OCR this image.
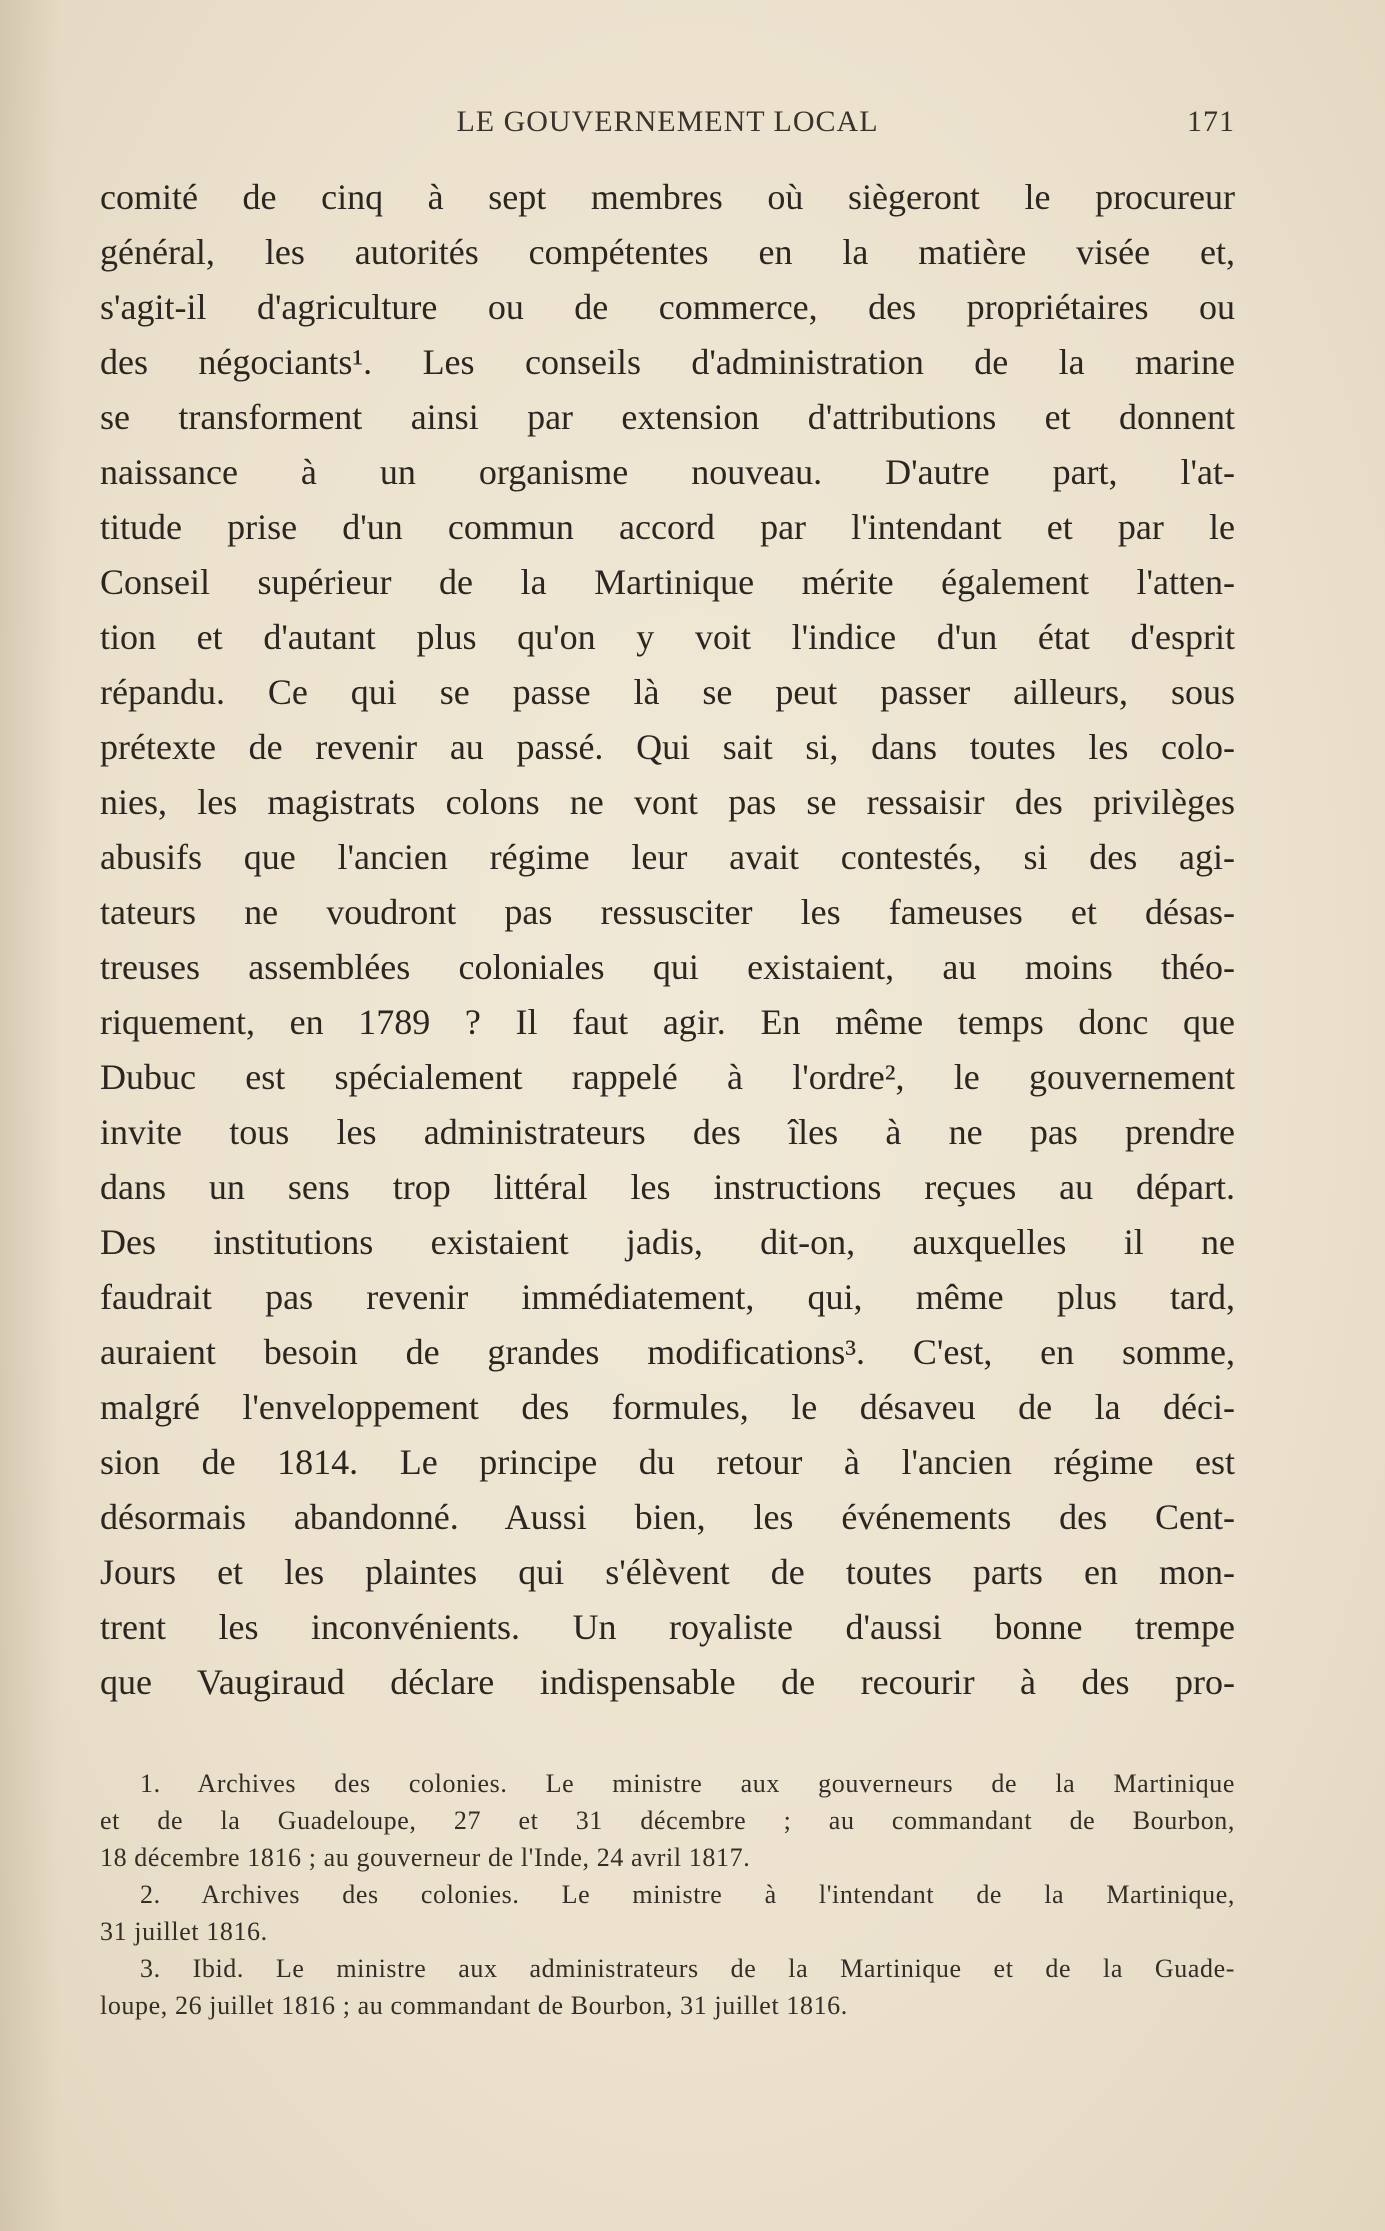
LE GOUVERNEMENT LOCAL	171
comité de cinq à sept membres où siègeront le procureur
général, les autorités compétentes en la matière visée et,
s'agit-il d'agriculture ou de commerce, des propriétaires ou
des négociants¹. Les conseils d'administration de la marine
se transforment ainsi par extension d'attributions et donnent
naissance à un organisme nouveau. D'autre part, l'at-
titude prise d'un commun accord par l'intendant et par le
Conseil supérieur de la Martinique mérite également l'atten-
tion et d'autant plus qu'on y voit l'indice d'un état d'esprit
répandu. Ce qui se passe là se peut passer ailleurs, sous
prétexte de revenir au passé. Qui sait si, dans toutes les colo-
nies, les magistrats colons ne vont pas se ressaisir des privilèges
abusifs que l'ancien régime leur avait contestés, si des agi-
tateurs ne voudront pas ressusciter les fameuses et désas-
treuses assemblées coloniales qui existaient, au moins théo-
riquement, en 1789 ? Il faut agir. En même temps donc que
Dubuc est spécialement rappelé à l'ordre², le gouvernement
invite tous les administrateurs des îles à ne pas prendre
dans un sens trop littéral les instructions reçues au départ.
Des institutions existaient jadis, dit-on, auxquelles il ne
faudrait pas revenir immédiatement, qui, même plus tard,
auraient besoin de grandes modifications³. C'est, en somme,
malgré l'enveloppement des formules, le désaveu de la déci-
sion de 1814. Le principe du retour à l'ancien régime est
désormais abandonné. Aussi bien, les événements des Cent-
Jours et les plaintes qui s'élèvent de toutes parts en mon-
trent les inconvénients. Un royaliste d'aussi bonne trempe
que Vaugiraud déclare indispensable de recourir à des pro-
1. Archives des colonies. Le ministre aux gouverneurs de la Martinique
et de la Guadeloupe, 27 et 31 décembre ; au commandant de Bourbon,
18 décembre 1816 ; au gouverneur de l'Inde, 24 avril 1817.
2. Archives des colonies. Le ministre à l'intendant de la Martinique,
31 juillet 1816.
3. Ibid. Le ministre aux administrateurs de la Martinique et de la Guade-
loupe, 26 juillet 1816 ; au commandant de Bourbon, 31 juillet 1816.
